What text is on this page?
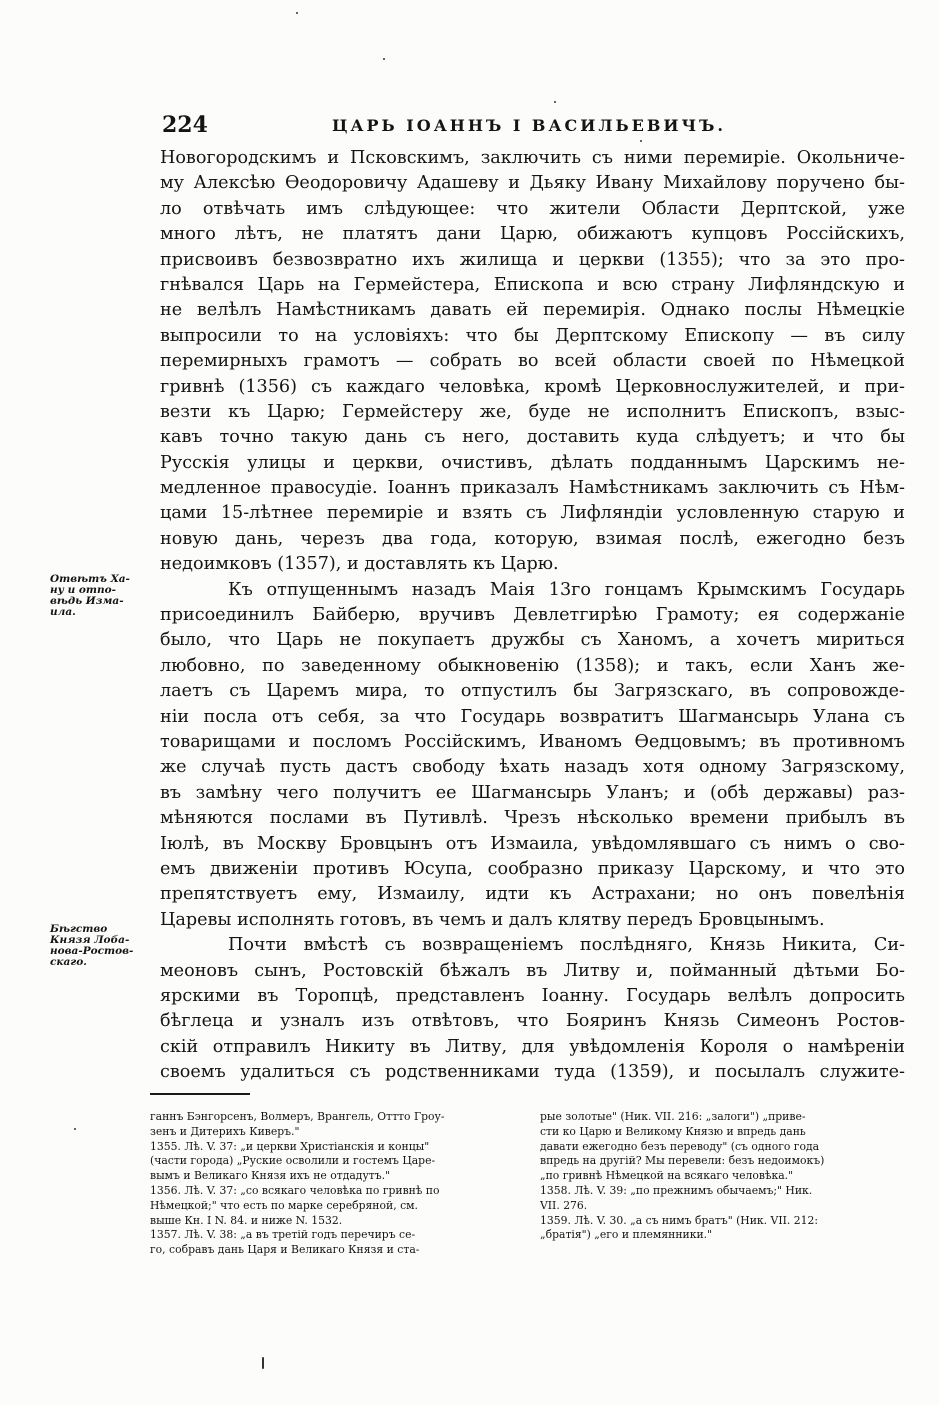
224	ЦАРЬ ІОАННЪ І ВАСИЛЬЕВИЧЪ.
Отвѣтъ Ха-
ну и отпо-
вѣдь Изма-
ила.
Бѣгство
Князя Лоба-
нова-Ростов-
скаго.
Новогородскимъ и Псковскимъ, заключить съ ними перемиріе. Окольниче-
му Алексѣю Ѳеодоровичу Адашеву и Дьяку Ивану Михайлову поручено бы-
ло отвѣчать имъ слѣдующее: что жители Области Дерптской, уже
много лѣтъ, не платятъ дани Царю, обижаютъ купцовъ Россійскихъ,
присвоивъ безвозвратно ихъ жилища и церкви (1355); что за это про-
гнѣвался Царь на Гермейстера, Епископа и всю страну Лифляндскую и
не велѣлъ Намѣстникамъ давать ей перемирія. Однако послы Нѣмецкіе
выпросили то на условіяхъ: что бы Дерптскому Епископу — въ силу
перемирныхъ грамотъ — собрать во всей области своей по Нѣмецкой
гривнѣ (1356) съ каждаго человѣка, кромѣ Церковнослужителей, и при-
везти къ Царю; Гермейстеру же, буде не исполнитъ Епископъ, взыс-
кавъ точно такую дань съ него, доставить куда слѣдуетъ; и что бы
Русскія улицы и церкви, очистивъ, дѣлать подданнымъ Царскимъ не-
медленное правосудіе. Іоаннъ приказалъ Намѣстникамъ заключить съ Нѣм-
цами 15-лѣтнее перемиріе и взять съ Лифляндіи условленную старую и
новую дань, черезъ два года, которую, взимая послѣ, ежегодно безъ
недоимковъ (1357), и доставлять къ Царю.
Къ отпущеннымъ назадъ Маія 13го гонцамъ Крымскимъ Государь
присоединилъ Байберю, вручивъ Девлетгирѣю Грамоту; ея содержаніе
было, что Царь не покупаетъ дружбы съ Ханомъ, а хочетъ мириться
любовно, по заведенному обыкновенію (1358); и такъ, если Ханъ же-
лаетъ съ Царемъ мира, то отпустилъ бы Загрязскаго, въ сопровожде-
ніи посла отъ себя, за что Государь возвратитъ Шагмансырь Улана съ
товарищами и посломъ Россійскимъ, Иваномъ Ѳедцовымъ; въ противномъ
же случаѣ пусть дастъ свободу ѣхать назадъ хотя одному Загрязскому,
въ замѣну чего получитъ ее Шагмансырь Уланъ; и (обѣ державы) раз-
мѣняются послами въ Путивлѣ. Чрезъ нѣсколько времени прибылъ въ
Іюлѣ, въ Москву Бровцынъ отъ Измаила, увѣдомлявшаго съ нимъ о сво-
емъ движеніи противъ Юсупа, сообразно приказу Царскому, и что это
препятствуетъ ему, Измаилу, идти къ Астрахани; но онъ повелѣнія
Царевы исполнять готовъ, въ чемъ и далъ клятву передъ Бровцынымъ.
Почти вмѣстѣ съ возвращеніемъ послѣдняго, Князь Никита, Си-
меоновъ сынъ, Ростовскій бѣжалъ въ Литву и, пойманный дѣтьми Бо-
ярскими въ Торопцѣ, представленъ Іоанну. Государь велѣлъ допросить
бѣглеца и узналъ изъ отвѣтовъ, что Бояринъ Князь Симеонъ Ростов-
скій отправилъ Никиту въ Литву, для увѣдомленія Короля о намѣреніи
своемъ удалиться съ родственниками туда (1359), и посылалъ служите-
ганнъ Бэнгорсенъ, Волмеръ, Врангель, Оттто Гроу-
зенъ и Дитерихъ Киверъ."
1355. Лѣ. V. 37: „и церкви Христіанскія и концы"
(части города) „Руские осволили и гостемъ Царе-
вымъ и Великаго Князя ихъ не отдадутъ."
1356. Лѣ. V. 37: „со всякаго человѣка по гривнѣ по
Нѣмецкой;" что есть по марке серебряной, см.
выше Кн. I N. 84. и ниже N. 1532.
1357. Лѣ. V. 38: „а въ третій годъ перечиръ се-
го, собравъ дань Царя и Великаго Князя и ста-
рые золотые" (Ник. VII. 216: „залоги") „приве-
сти ко Царю и Великому Князю и впредь дань
давати ежегодно безъ переводу" (съ одного года
впредь на другій? Мы перевели: безъ недоимокъ)
„по гривнѣ Нѣмецкой на всякаго человѣка."
1358. Лѣ. V. 39: „по прежнимъ обычаемъ;" Ник.
VII. 276.
1359. Лѣ. V. 30. „а съ нимъ братъ" (Ник. VII. 212:
„братія") „его и племянники."
